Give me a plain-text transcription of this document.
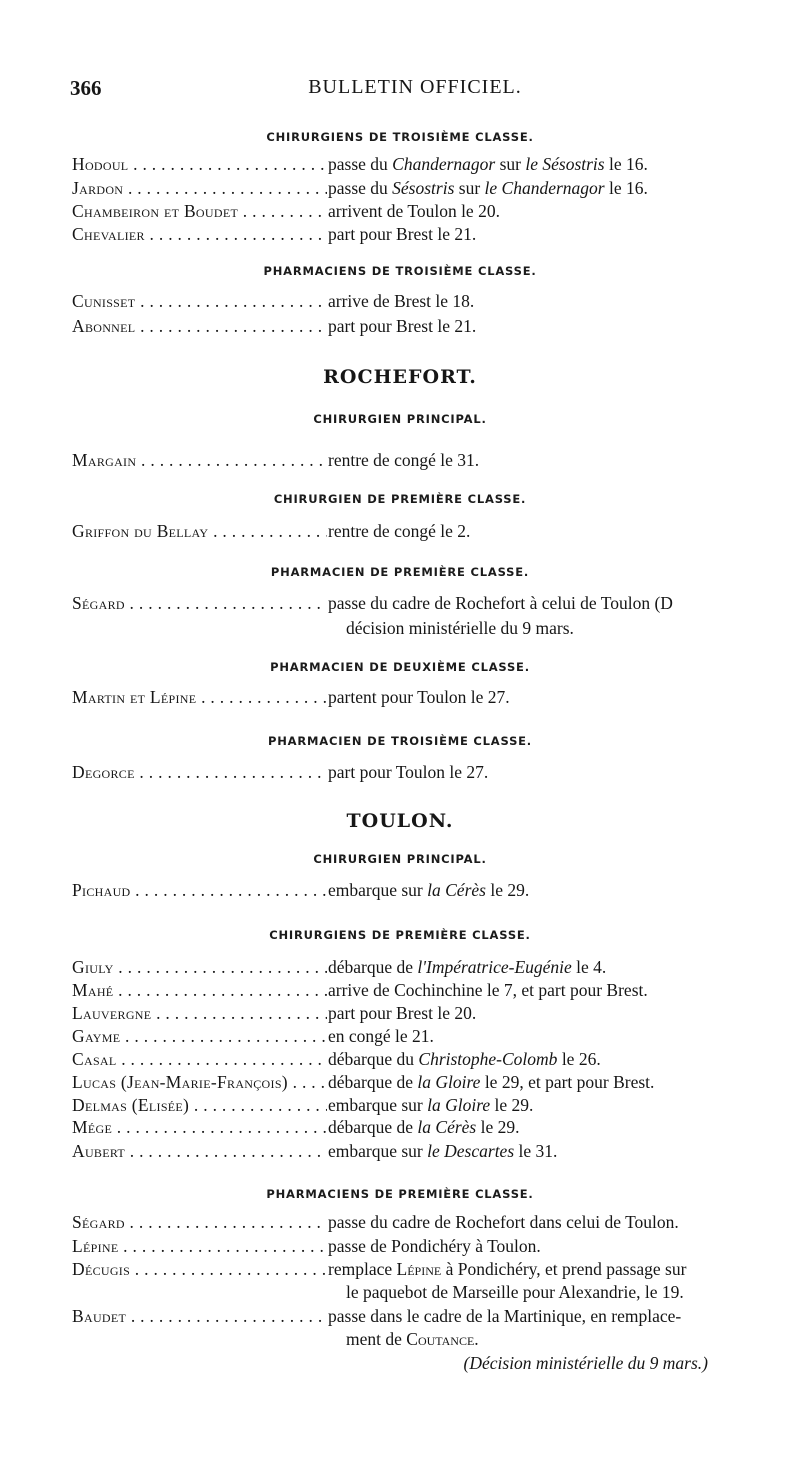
366	BULLETIN OFFICIEL.
CHIRURGIENS DE TROISIÈME CLASSE.
Hodoul . . .	passe du Chandernagor sur le Sésostris le 16.
Jardon . . .	passe du Sésostris sur le Chandernagor le 16.
Chambeiron et Boudet . . .	arrivent de Toulon le 20.
Chevalier . . .	part pour Brest le 21.
PHARMACIENS DE TROISIÈME CLASSE.
Cunisset . . .	arrive de Brest le 18.
Abonnel . . .	part pour Brest le 21.
ROCHEFORT.
CHIRURGIEN PRINCIPAL.
Margain . . .	rentre de congé le 31.
CHIRURGIEN DE PREMIÈRE CLASSE.
Griffon du Bellay . . .	rentre de congé le 2.
PHARMACIEN DE PREMIÈRE CLASSE.
Ségard . . .	passe du cadre de Rochefort à celui de Toulon (D
décision ministérielle du 9 mars.
PHARMACIEN DE DEUXIÈME CLASSE.
Martin et Lépine . . .	partent pour Toulon le 27.
PHARMACIEN DE TROISIÈME CLASSE.
Degorce . . .	part pour Toulon le 27.
TOULON.
CHIRURGIEN PRINCIPAL.
Pichaud . . .	embarque sur la Cérès le 29.
CHIRURGIENS DE PREMIÈRE CLASSE.
Giuly . . .	débarque de l'Impératrice-Eugénie le 4.
Mahé . . .	arrive de Cochinchine le 7, et part pour Brest.
Lauvergne . . .	part pour Brest le 20.
Gayme . . .	en congé le 21.
Casal . . .	débarque du Christophe-Colomb le 26.
Lucas (Jean-Marie-François) . . .	débarque de la Gloire le 29, et part pour Brest.
Delmas (Elisée) . . .	embarque sur la Gloire le 29.
Mége . . .	débarque de la Cérès le 29.
Aubert . . .	embarque sur le Descartes le 31.
PHARMACIENS DE PREMIÈRE CLASSE.
Ségard . . .	passe du cadre de Rochefort dans celui de Toulon.
Lépine . . .	passe de Pondichéry à Toulon.
Décugis . . .	remplace Lépine à Pondichéry, et prend passage sur
le paquebot de Marseille pour Alexandrie, le 19.
Baudet . . .	passe dans le cadre de la Martinique, en remplace-
ment de Coutance.
(Décision ministérielle du 9 mars.)
